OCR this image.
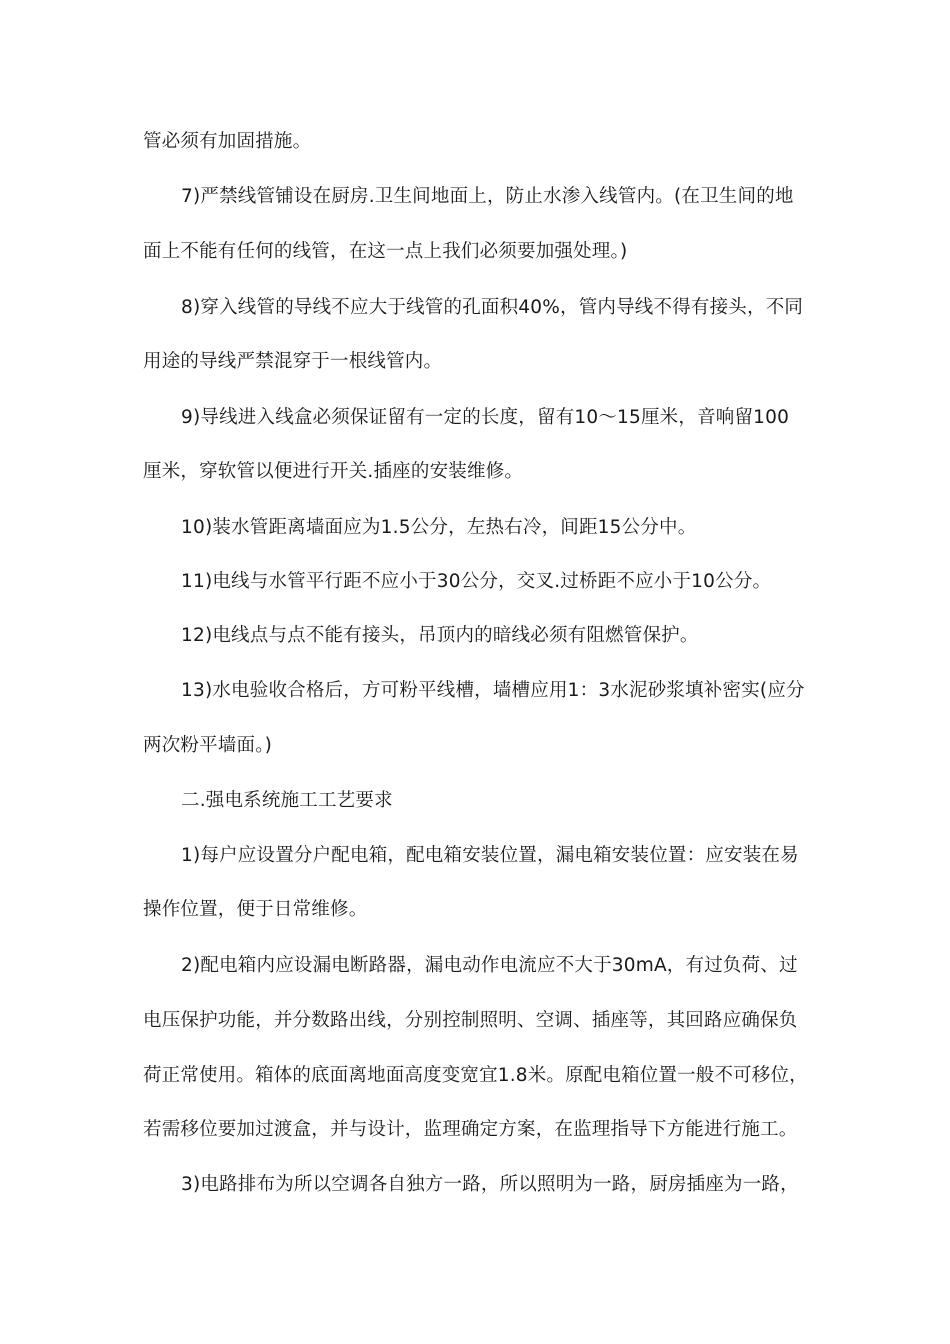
管必须有加固措施。
7)严禁线管铺设在厨房.卫生间地面上，防止水渗入线管内。(在卫生间的地
面上不能有任何的线管，在这一点上我们必须要加强处理。)
8)穿入线管的导线不应大于线管的孔面积40%，管内导线不得有接头，不同
用途的导线严禁混穿于一根线管内。
9)导线进入线盒必须保证留有一定的长度，留有10～15厘米，音响留100
厘米，穿软管以便进行开关.插座的安装维修。
10)装水管距离墙面应为1.5公分，左热右冷，间距15公分中。
11)电线与水管平行距不应小于30公分，交叉.过桥距不应小于10公分。
12)电线点与点不能有接头，吊顶内的暗线必须有阻燃管保护。
13)水电验收合格后，方可粉平线槽，墙槽应用1：3水泥砂浆填补密实(应分
两次粉平墙面。)
二.强电系统施工工艺要求
1)每户应设置分户配电箱，配电箱安装位置，漏电箱安装位置：应安装在易
操作位置，便于日常维修。
2)配电箱内应设漏电断路器，漏电动作电流应不大于30mA，有过负荷、过
电压保护功能，并分数路出线，分别控制照明、空调、插座等，其回路应确保负
荷正常使用。箱体的底面离地面高度变宽宜1.8米。原配电箱位置一般不可移位，
若需移位要加过渡盒，并与设计，监理确定方案，在监理指导下方能进行施工。
3)电路排布为所以空调各自独方一路，所以照明为一路，厨房插座为一路，
